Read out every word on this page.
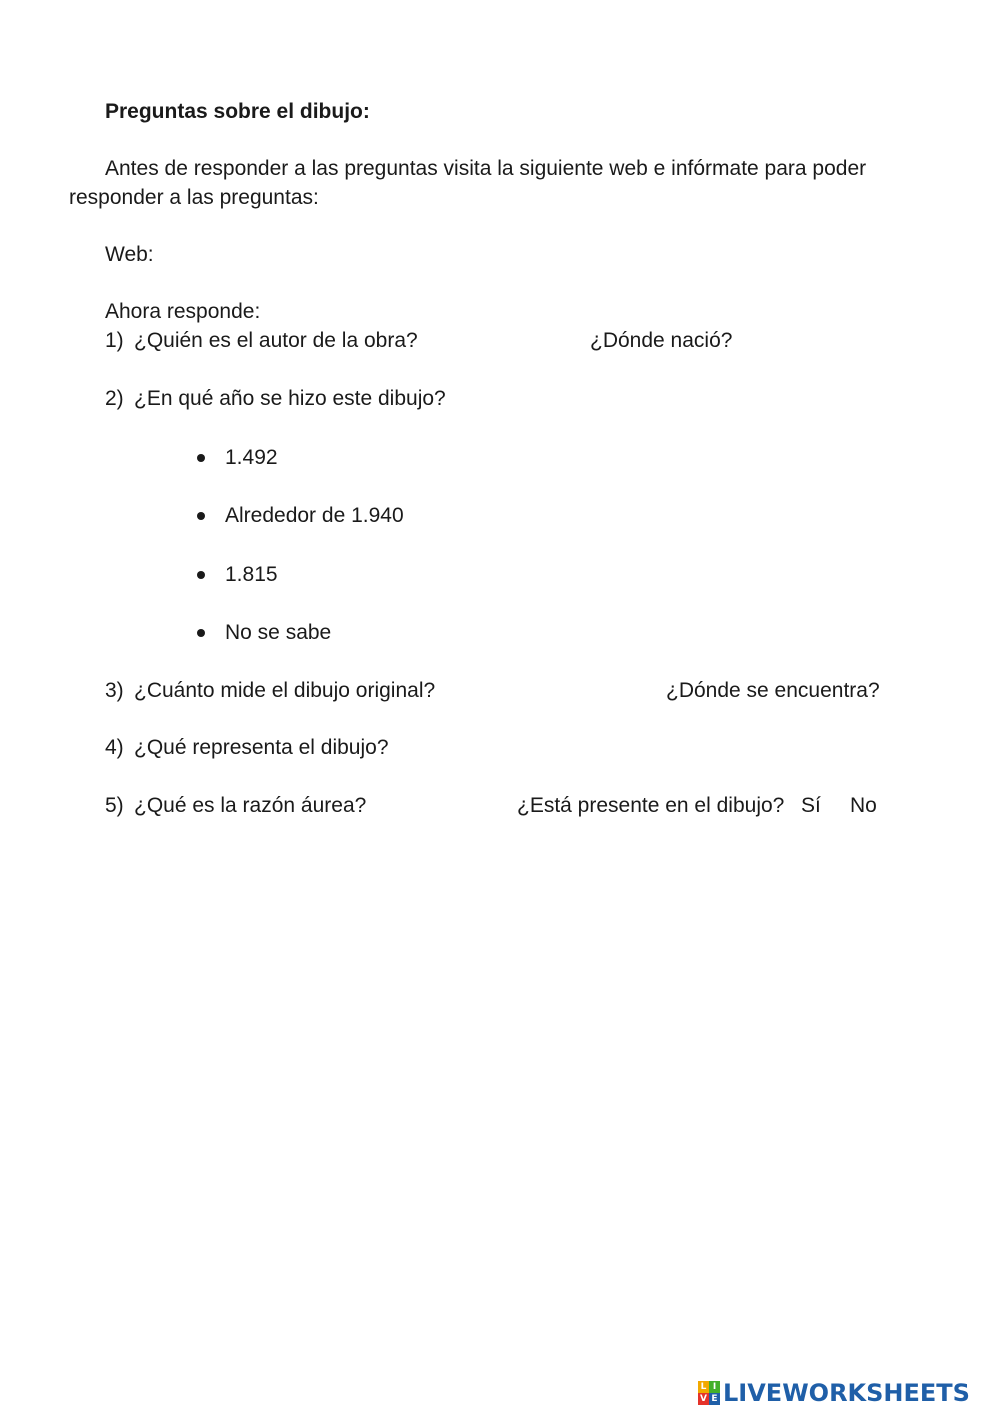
Preguntas sobre el dibujo:
Antes de responder a las preguntas visita la siguiente web e infórmate para poder
responder a las preguntas:
Web:
Ahora responde:
1) ¿Quién es el autor de la obra?	¿Dónde nació?
2) ¿En qué año se hizo este dibujo?
1.492
Alrededor de 1.940
1.815
No se sabe
3) ¿Cuánto mide el dibujo original?	¿Dónde se encuentra?
4) ¿Qué representa el dibujo?
5) ¿Qué es la razón áurea?	¿Está presente en el dibujo? Sí No
L I
V E LIVEWORKSHEETS
